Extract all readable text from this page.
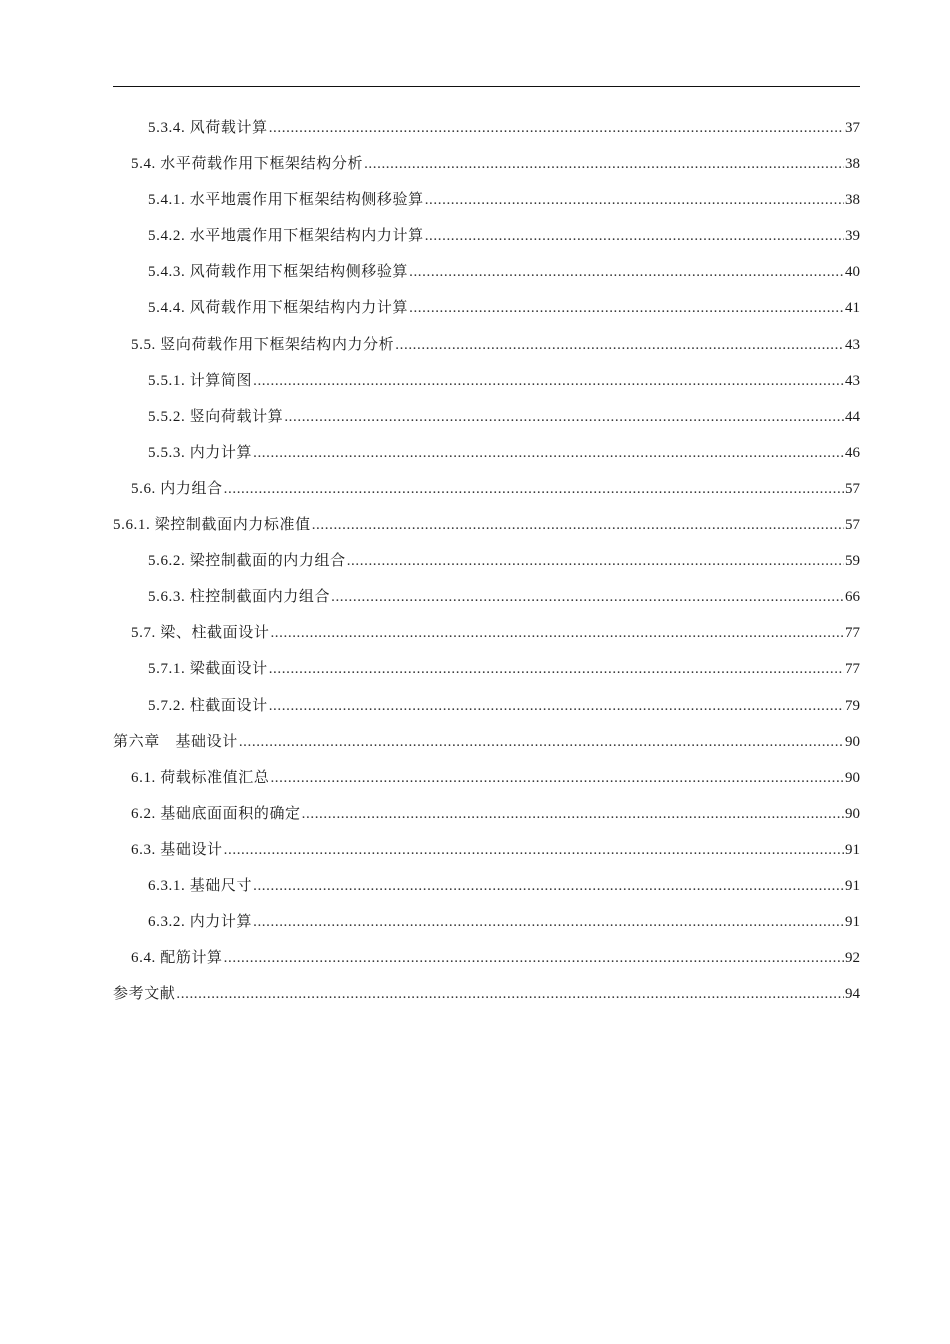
5.3.4. 风荷载计算 .....	37
5.4. 水平荷载作用下框架结构分析 .....	38
5.4.1. 水平地震作用下框架结构侧移验算 .....	38
5.4.2. 水平地震作用下框架结构内力计算 .....	39
5.4.3. 风荷载作用下框架结构侧移验算 .....	40
5.4.4. 风荷载作用下框架结构内力计算 .....	41
5.5. 竖向荷载作用下框架结构内力分析 .....	43
5.5.1. 计算简图 .....	43
5.5.2. 竖向荷载计算 .....	44
5.5.3. 内力计算 .....	46
5.6. 内力组合 .....	57
5.6.1. 梁控制截面内力标准值 .....	57
5.6.2. 梁控制截面的内力组合 .....	59
5.6.3. 柱控制截面内力组合 .....	66
5.7. 梁、柱截面设计 .....	77
5.7.1. 梁截面设计 .....	77
5.7.2. 柱截面设计 .....	79
第六章　基础设计 .....	90
6.1. 荷载标准值汇总 .....	90
6.2. 基础底面面积的确定 .....	90
6.3. 基础设计 .....	91
6.3.1. 基础尺寸 .....	91
6.3.2. 内力计算 .....	91
6.4. 配筋计算 .....	92
参考文献 .....	94
